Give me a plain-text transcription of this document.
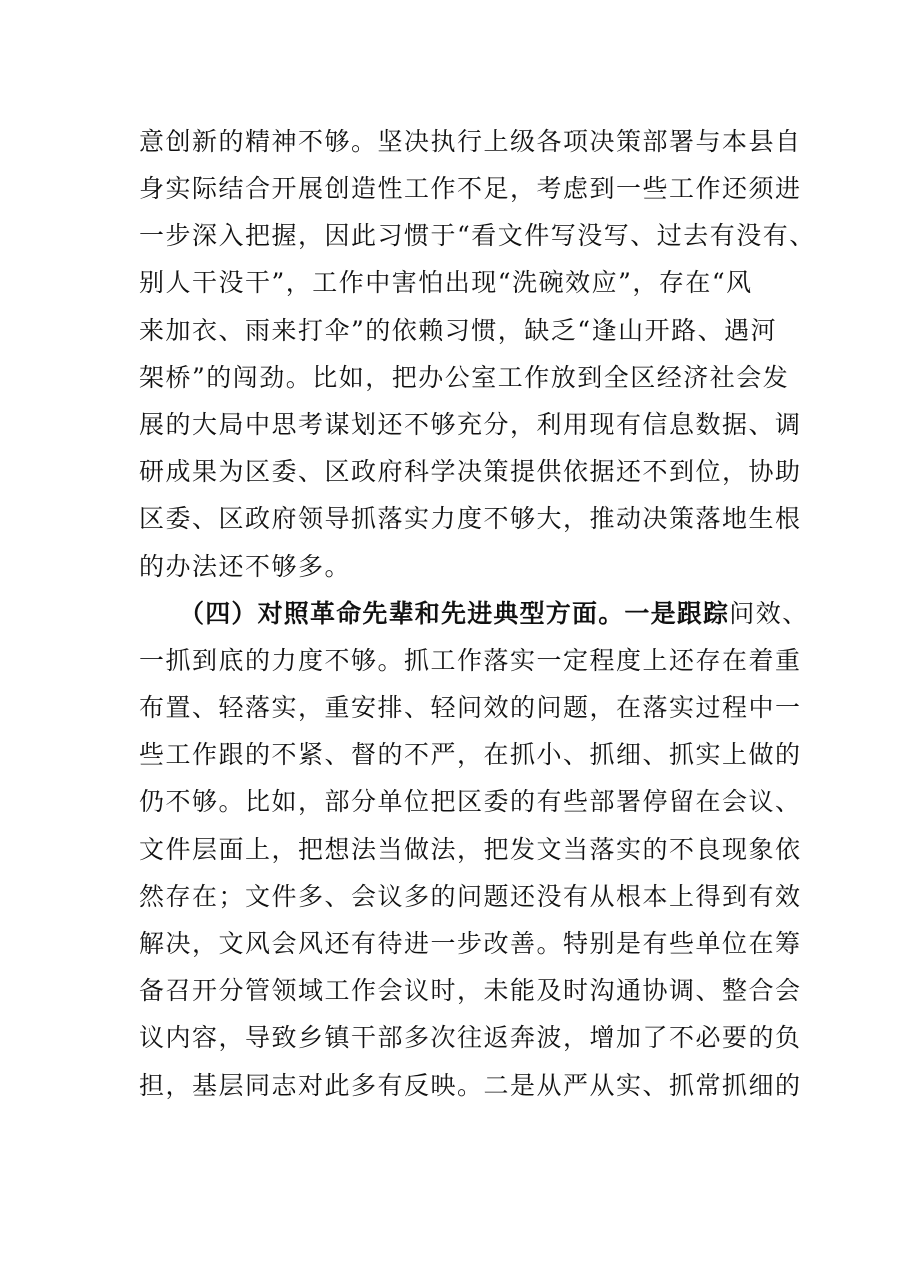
意创新的精神不够。坚决执行上级各项决策部署与本县自
身实际结合开展创造性工作不足，考虑到一些工作还须进
一步深入把握，因此习惯于“看文件写没写、过去有没有、
别人干没干”，工作中害怕出现“洗碗效应”，存在“风
来加衣、雨来打伞”的依赖习惯，缺乏“逢山开路、遇河
架桥”的闯劲。比如，把办公室工作放到全区经济社会发
展的大局中思考谋划还不够充分，利用现有信息数据、调
研成果为区委、区政府科学决策提供依据还不到位，协助
区委、区政府领导抓落实力度不够大，推动决策落地生根
的办法还不够多。
（四）对照革命先辈和先进典型方面。一是跟踪问效、
一抓到底的力度不够。抓工作落实一定程度上还存在着重
布置、轻落实，重安排、轻问效的问题，在落实过程中一
些工作跟的不紧、督的不严，在抓小、抓细、抓实上做的
仍不够。比如，部分单位把区委的有些部署停留在会议、
文件层面上，把想法当做法，把发文当落实的不良现象依
然存在；文件多、会议多的问题还没有从根本上得到有效
解决，文风会风还有待进一步改善。特别是有些单位在筹
备召开分管领域工作会议时，未能及时沟通协调、整合会
议内容，导致乡镇干部多次往返奔波，增加了不必要的负
担，基层同志对此多有反映。二是从严从实、抓常抓细的
